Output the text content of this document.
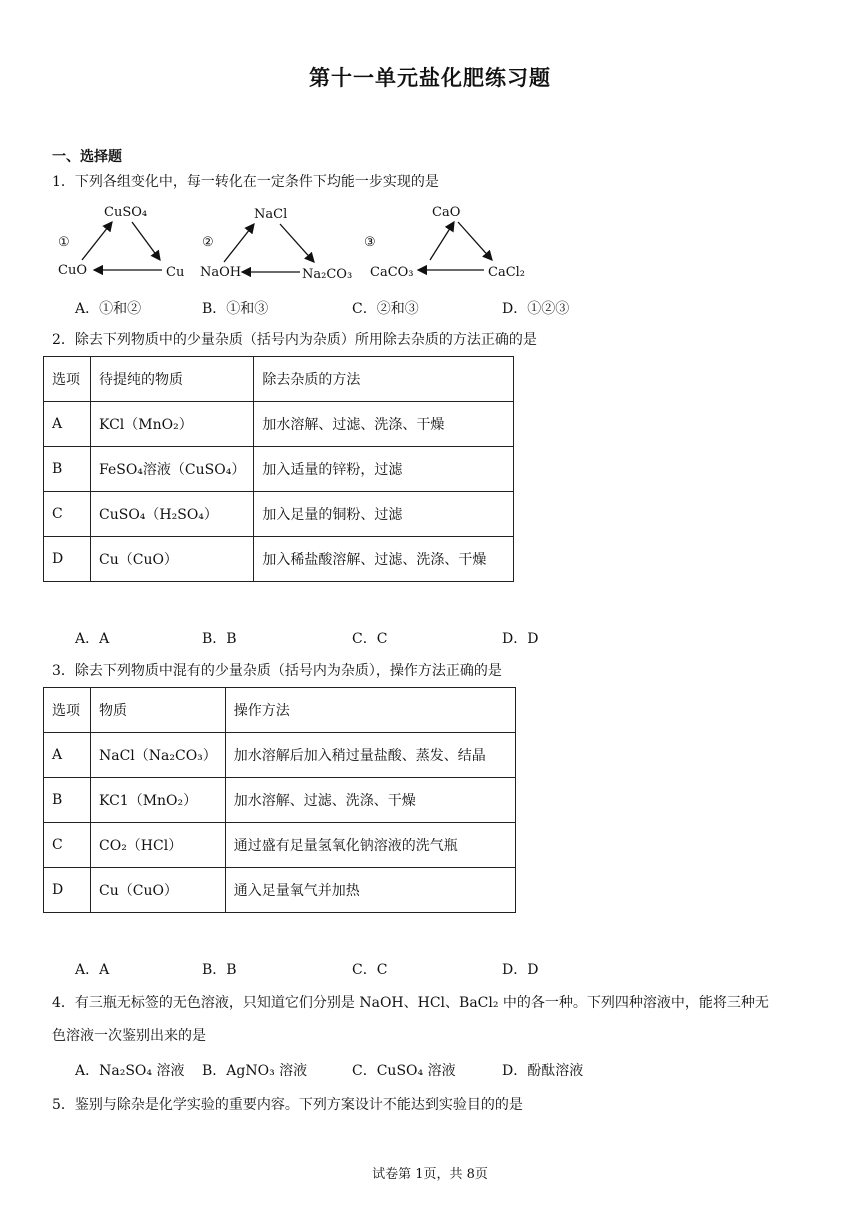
第十一单元盐化肥练习题
一、选择题
1．下列各组变化中，每一转化在一定条件下均能一步实现的是
①
CuSO₄
CuO	Cu
②
NaCl
NaOH	Na₂CO₃
③
CaO
CaCO₃	CaCl₂
A．①和②	B．①和③	C．②和③	D．①②③
2．除去下列物质中的少量杂质（括号内为杂质）所用除去杂质的方法正确的是
选项	待提纯的物质	除去杂质的方法
A	KCl（MnO₂）	加水溶解、过滤、洗涤、干燥
B	FeSO₄溶液（CuSO₄）	加入适量的锌粉，过滤
C	CuSO₄（H₂SO₄）	加入足量的铜粉、过滤
D	Cu（CuO）	加入稀盐酸溶解、过滤、洗涤、干燥
A．A	B．B	C．C	D．D
3．除去下列物质中混有的少量杂质（括号内为杂质），操作方法正确的是
选项	物质	操作方法
A	NaCl（Na₂CO₃）	加水溶解后加入稍过量盐酸、蒸发、结晶
B	KC1（MnO₂）	加水溶解、过滤、洗涤、干燥
C	CO₂（HCl）	通过盛有足量氢氧化钠溶液的洗气瓶
D	Cu（CuO）	通入足量氧气并加热
A．A	B．B	C．C	D．D
4．有三瓶无标签的无色溶液，只知道它们分别是 NaOH、HCl、BaCl₂ 中的各一种。下列四种溶液中，能将三种无
色溶液一次鉴别出来的是
A．Na₂SO₄ 溶液 B．AgNO₃ 溶液	C．CuSO₄ 溶液	D．酚酞溶液
5．鉴别与除杂是化学实验的重要内容。下列方案设计不能达到实验目的的是
试卷第 1页，共 8页
